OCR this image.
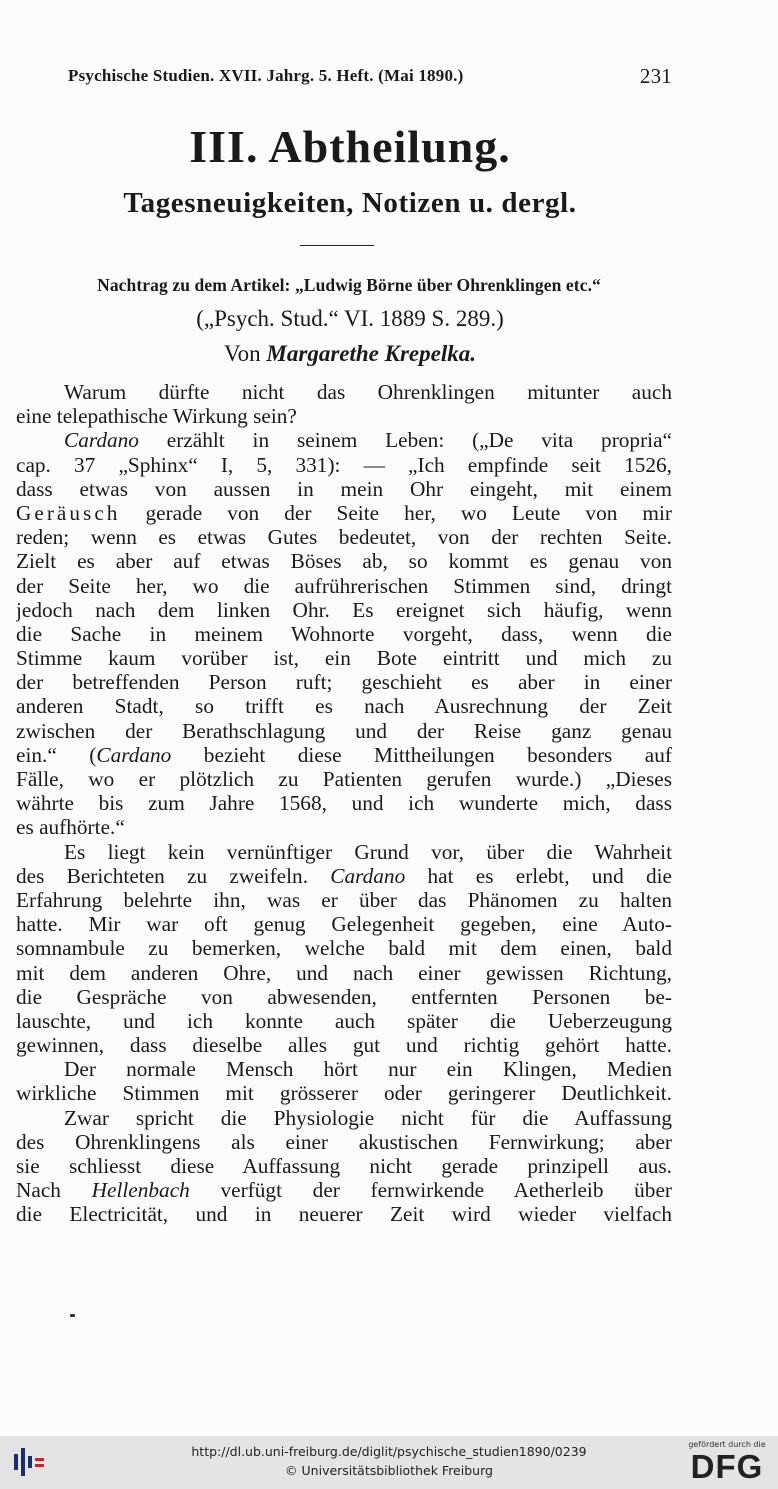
Psychische Studien. XVII. Jahrg. 5. Heft. (Mai 1890.)	231
III. Abtheilung.
Tagesneuigkeiten, Notizen u. dergl.
Nachtrag zu dem Artikel: „Ludwig Börne über Ohrenklingen etc.“
(„Psych. Stud.“ VI. 1889 S. 289.)
Von Margarethe Krepelka.
Warum dürfte nicht das Ohrenklingen mitunter auch
eine telepathische Wirkung sein?
Cardano erzählt in seinem Leben: („De vita propria“
cap. 37 „Sphinx“ I, 5, 331): — „Ich empfinde seit 1526,
dass etwas von aussen in mein Ohr eingeht, mit einem
Geräusch gerade von der Seite her, wo Leute von mir
reden; wenn es etwas Gutes bedeutet, von der rechten Seite.
Zielt es aber auf etwas Böses ab, so kommt es genau von
der Seite her, wo die aufrührerischen Stimmen sind, dringt
jedoch nach dem linken Ohr. Es ereignet sich häufig, wenn
die Sache in meinem Wohnorte vorgeht, dass, wenn die
Stimme kaum vorüber ist, ein Bote eintritt und mich zu
der betreffenden Person ruft; geschieht es aber in einer
anderen Stadt, so trifft es nach Ausrechnung der Zeit
zwischen der Berathschlagung und der Reise ganz genau
ein.“ (Cardano bezieht diese Mittheilungen besonders auf
Fälle, wo er plötzlich zu Patienten gerufen wurde.) „Dieses
währte bis zum Jahre 1568, und ich wunderte mich, dass
es aufhörte.“
Es liegt kein vernünftiger Grund vor, über die Wahrheit
des Berichteten zu zweifeln. Cardano hat es erlebt, und die
Erfahrung belehrte ihn, was er über das Phänomen zu halten
hatte. Mir war oft genug Gelegenheit gegeben, eine Auto-
somnambule zu bemerken, welche bald mit dem einen, bald
mit dem anderen Ohre, und nach einer gewissen Richtung,
die Gespräche von abwesenden, entfernten Personen be-
lauschte, und ich konnte auch später die Ueberzeugung
gewinnen, dass dieselbe alles gut und richtig gehört hatte.
Der normale Mensch hört nur ein Klingen, Medien
wirkliche Stimmen mit grösserer oder geringerer Deutlichkeit.
Zwar spricht die Physiologie nicht für die Auffassung
des Ohrenklingens als einer akustischen Fernwirkung; aber
sie schliesst diese Auffassung nicht gerade prinzipell aus.
Nach Hellenbach verfügt der fernwirkende Aetherleib über
die Electricität, und in neuerer Zeit wird wieder vielfach
http://dl.ub.uni-freiburg.de/diglit/psychische_studien1890/0239
© Universitätsbibliothek Freiburg
gefördert durch die
DFG
